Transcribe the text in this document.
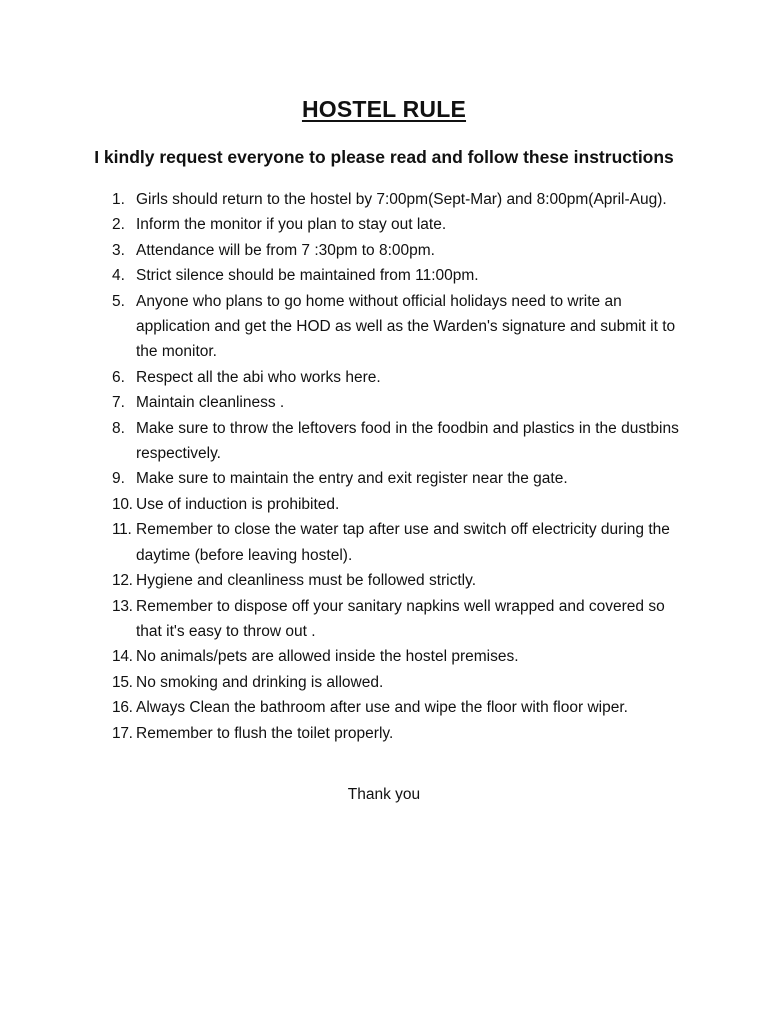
HOSTEL RULE
I kindly request everyone to please read and follow these instructions
1. Girls should return to the hostel by 7:00pm(Sept-Mar) and 8:00pm(April-Aug).
2. Inform the monitor if you plan to stay out late.
3. Attendance will be from 7 :30pm to 8:00pm.
4. Strict silence should be maintained from 11:00pm.
5. Anyone who plans to go home without official holidays need to write an application and get the HOD as well as the Warden's signature and submit it to the monitor.
6. Respect all the abi who works here.
7. Maintain cleanliness .
8. Make sure to throw the leftovers food in the foodbin and plastics in the dustbins respectively.
9. Make sure to maintain the entry and exit register near the gate.
10. Use of induction is prohibited.
11. Remember to close the water tap after use and switch off electricity during the daytime (before leaving hostel).
12. Hygiene and cleanliness must be followed strictly.
13. Remember to dispose off your sanitary napkins well wrapped and covered so that it's easy to throw out .
14. No animals/pets are allowed inside the hostel premises.
15. No smoking and drinking is allowed.
16. Always Clean the bathroom after use and wipe the floor with floor wiper.
17. Remember to flush the toilet properly.
Thank you
